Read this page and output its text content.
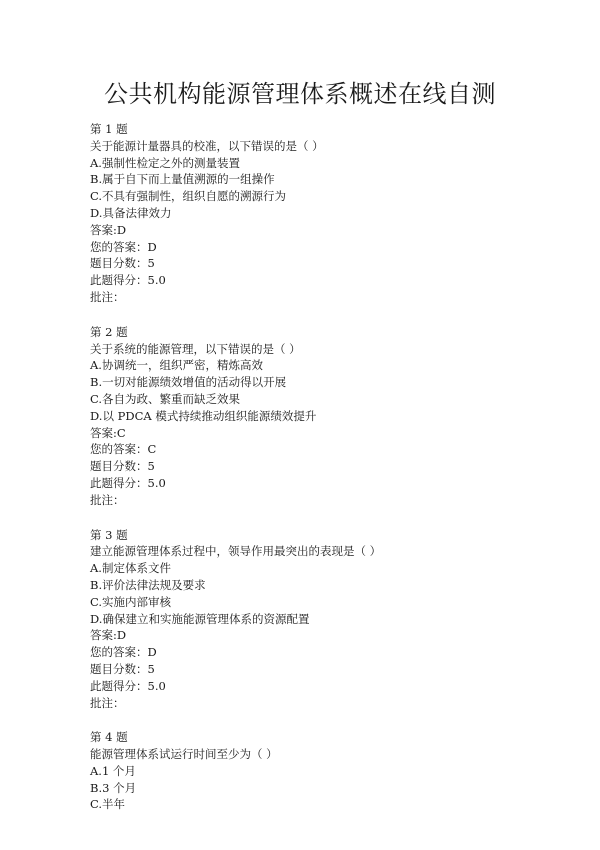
公共机构能源管理体系概述在线自测
第 1 题
关于能源计量器具的校准，以下错误的是（ ）
A.强制性检定之外的测量装置
B.属于自下而上量值溯源的一组操作
C.不具有强制性，组织自愿的溯源行为
D.具备法律效力
答案:D
您的答案：D
题目分数：5
此题得分：5.0
批注：
第 2 题
关于系统的能源管理，以下错误的是（ ）
A.协调统一，组织严密，精炼高效
B.一切对能源绩效增值的活动得以开展
C.各自为政、繁重而缺乏效果
D.以 PDCA 模式持续推动组织能源绩效提升
答案:C
您的答案：C
题目分数：5
此题得分：5.0
批注：
第 3 题
建立能源管理体系过程中，领导作用最突出的表现是（ ）
A.制定体系文件
B.评价法律法规及要求
C.实施内部审核
D.确保建立和实施能源管理体系的资源配置
答案:D
您的答案：D
题目分数：5
此题得分：5.0
批注：
第 4 题
能源管理体系试运行时间至少为（ ）
A.1 个月
B.3 个月
C.半年
